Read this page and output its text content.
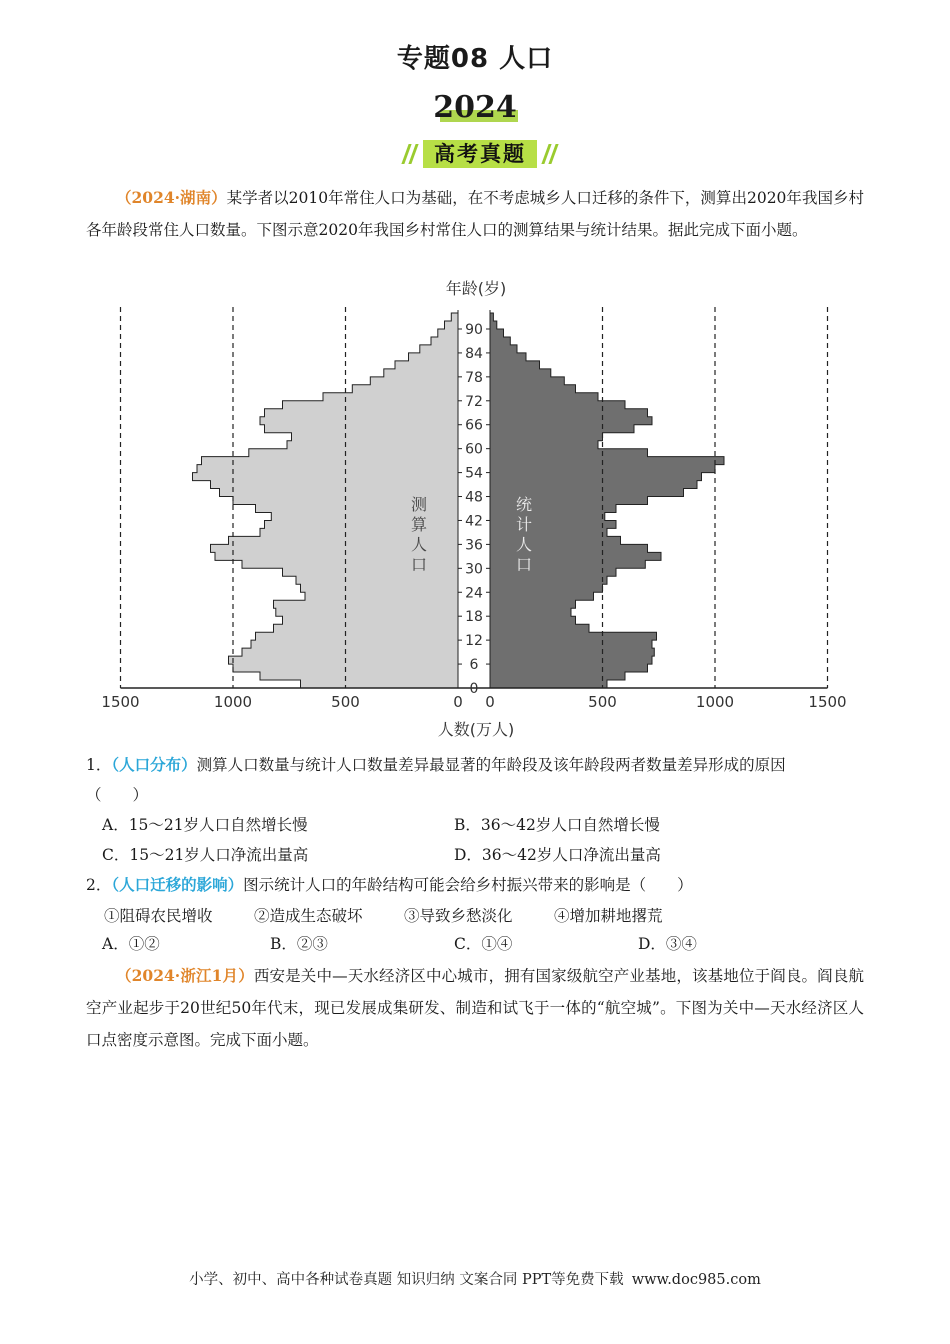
专题08 人口
2024
高考真题
（2024·湖南）某学者以2010年常住人口为基础，在不考虑城乡人口迁移的条件下，测算出2020年我国乡村各年龄段常住人口数量。下图示意2020年我国乡村常住人口的测算结果与统计结果。据此完成下面小题。
年龄(岁)
人数(万人)
0
6
12
18
24
30
36
42
48
54
60
66
72
78
84
90
1500	1000	500	0 0	500	1000	1500
测
算
人
口
统
计
人
口
1．（人口分布）测算人口数量与统计人口数量差异最显著的年龄段及该年龄段两者数量差异形成的原因
（　　）
A．15～21岁人口自然增长慢	B．36～42岁人口自然增长慢
C．15～21岁人口净流出量高	D．36～42岁人口净流出量高
2．（人口迁移的影响）图示统计人口的年龄结构可能会给乡村振兴带来的影响是（　　）
①阻碍农民增收	②造成生态破坏	③导致乡愁淡化	④增加耕地撂荒
A．①②	B．②③	C．①④	D．③④
（2024·浙江1月）西安是关中—天水经济区中心城市，拥有国家级航空产业基地，该基地位于阎良。阎良航空产业起步于20世纪50年代末，现已发展成集研发、制造和试飞于一体的“航空城”。下图为关中—天水经济区人口点密度示意图。完成下面小题。
小学、初中、高中各种试卷真题 知识归纳 文案合同 PPT等免费下载 www.doc985.com
